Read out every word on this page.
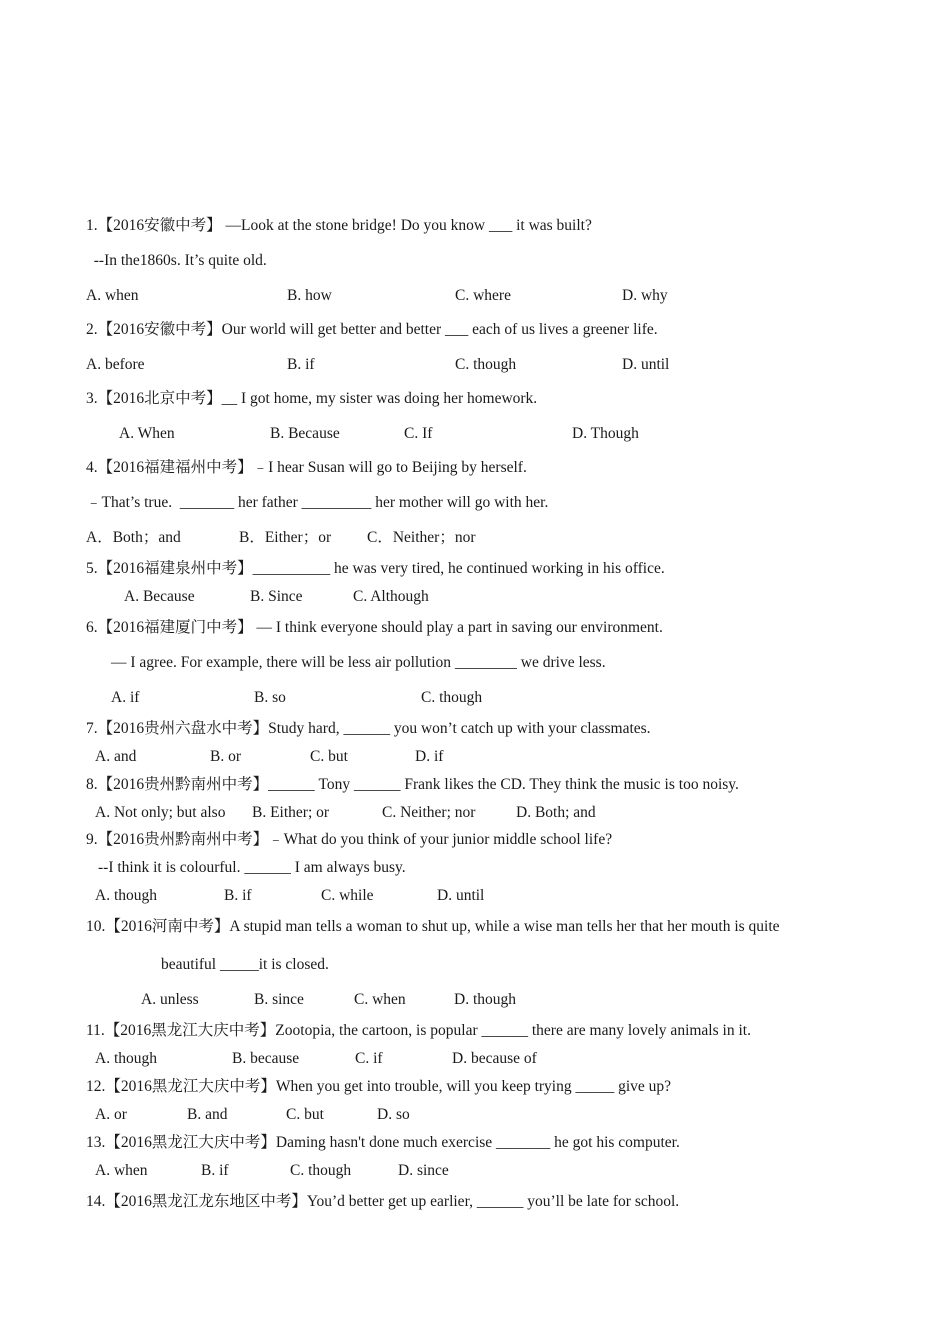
1.【2016安徽中考】 —Look at the stone bridge! Do you know ___ it was built?
--In the1860s. It’s quite old.
A. when	B. how	C. where	D. why
2.【2016安徽中考】Our world will get better and better ___ each of us lives a greener life.
A. before	B. if	C. though	D. until
3.【2016北京中考】__ I got home, my sister was doing her homework.
A. When	B. Because	C. If	D. Though
4.【2016福建福州中考】﹣I hear Susan will go to Beijing by herself.
﹣That’s true.  _______ her father _________ her mother will go with her.
A．Both；and	B．Either；or C．Neither；nor
5.【2016福建泉州中考】__________ he was very tired, he continued working in his office.
A. Because	B. Since	C. Although
6.【2016福建厦门中考】 — I think everyone should play a part in saving our environment.
— I agree. For example, there will be less air pollution ________ we drive less.
A. if	B. so	C. though
7.【2016贵州六盘水中考】Study hard, ______ you won’t catch up with your classmates.
A. and	B. or	C. but	D. if
8.【2016贵州黔南州中考】______ Tony ______ Frank likes the CD. They think the music is too noisy.
A. Not only; but also B. Either; or	C. Neither; nor	D. Both; and
9.【2016贵州黔南州中考】﹣What do you think of your junior middle school life?
--I think it is colourful. ______ I am always busy.
A. though	B. if	C. while	D. until
10.【2016河南中考】A stupid man tells a woman to shut up, while a wise man tells her that her mouth is quite
beautiful _____it is closed.
A. unless	B. since	C. when	D. though
11.【2016黑龙江大庆中考】Zootopia, the cartoon, is popular ______ there are many lovely animals in it.
A. though	B. because	C. if	D. because of
12.【2016黑龙江大庆中考】When you get into trouble, will you keep trying _____ give up?
A. or	B. and	C. but	D. so
13.【2016黑龙江大庆中考】Daming hasn't done much exercise _______ he got his computer.
A. when	B. if	C. though	D. since
14.【2016黑龙江龙东地区中考】You’d better get up earlier, ______ you’ll be late for school.
